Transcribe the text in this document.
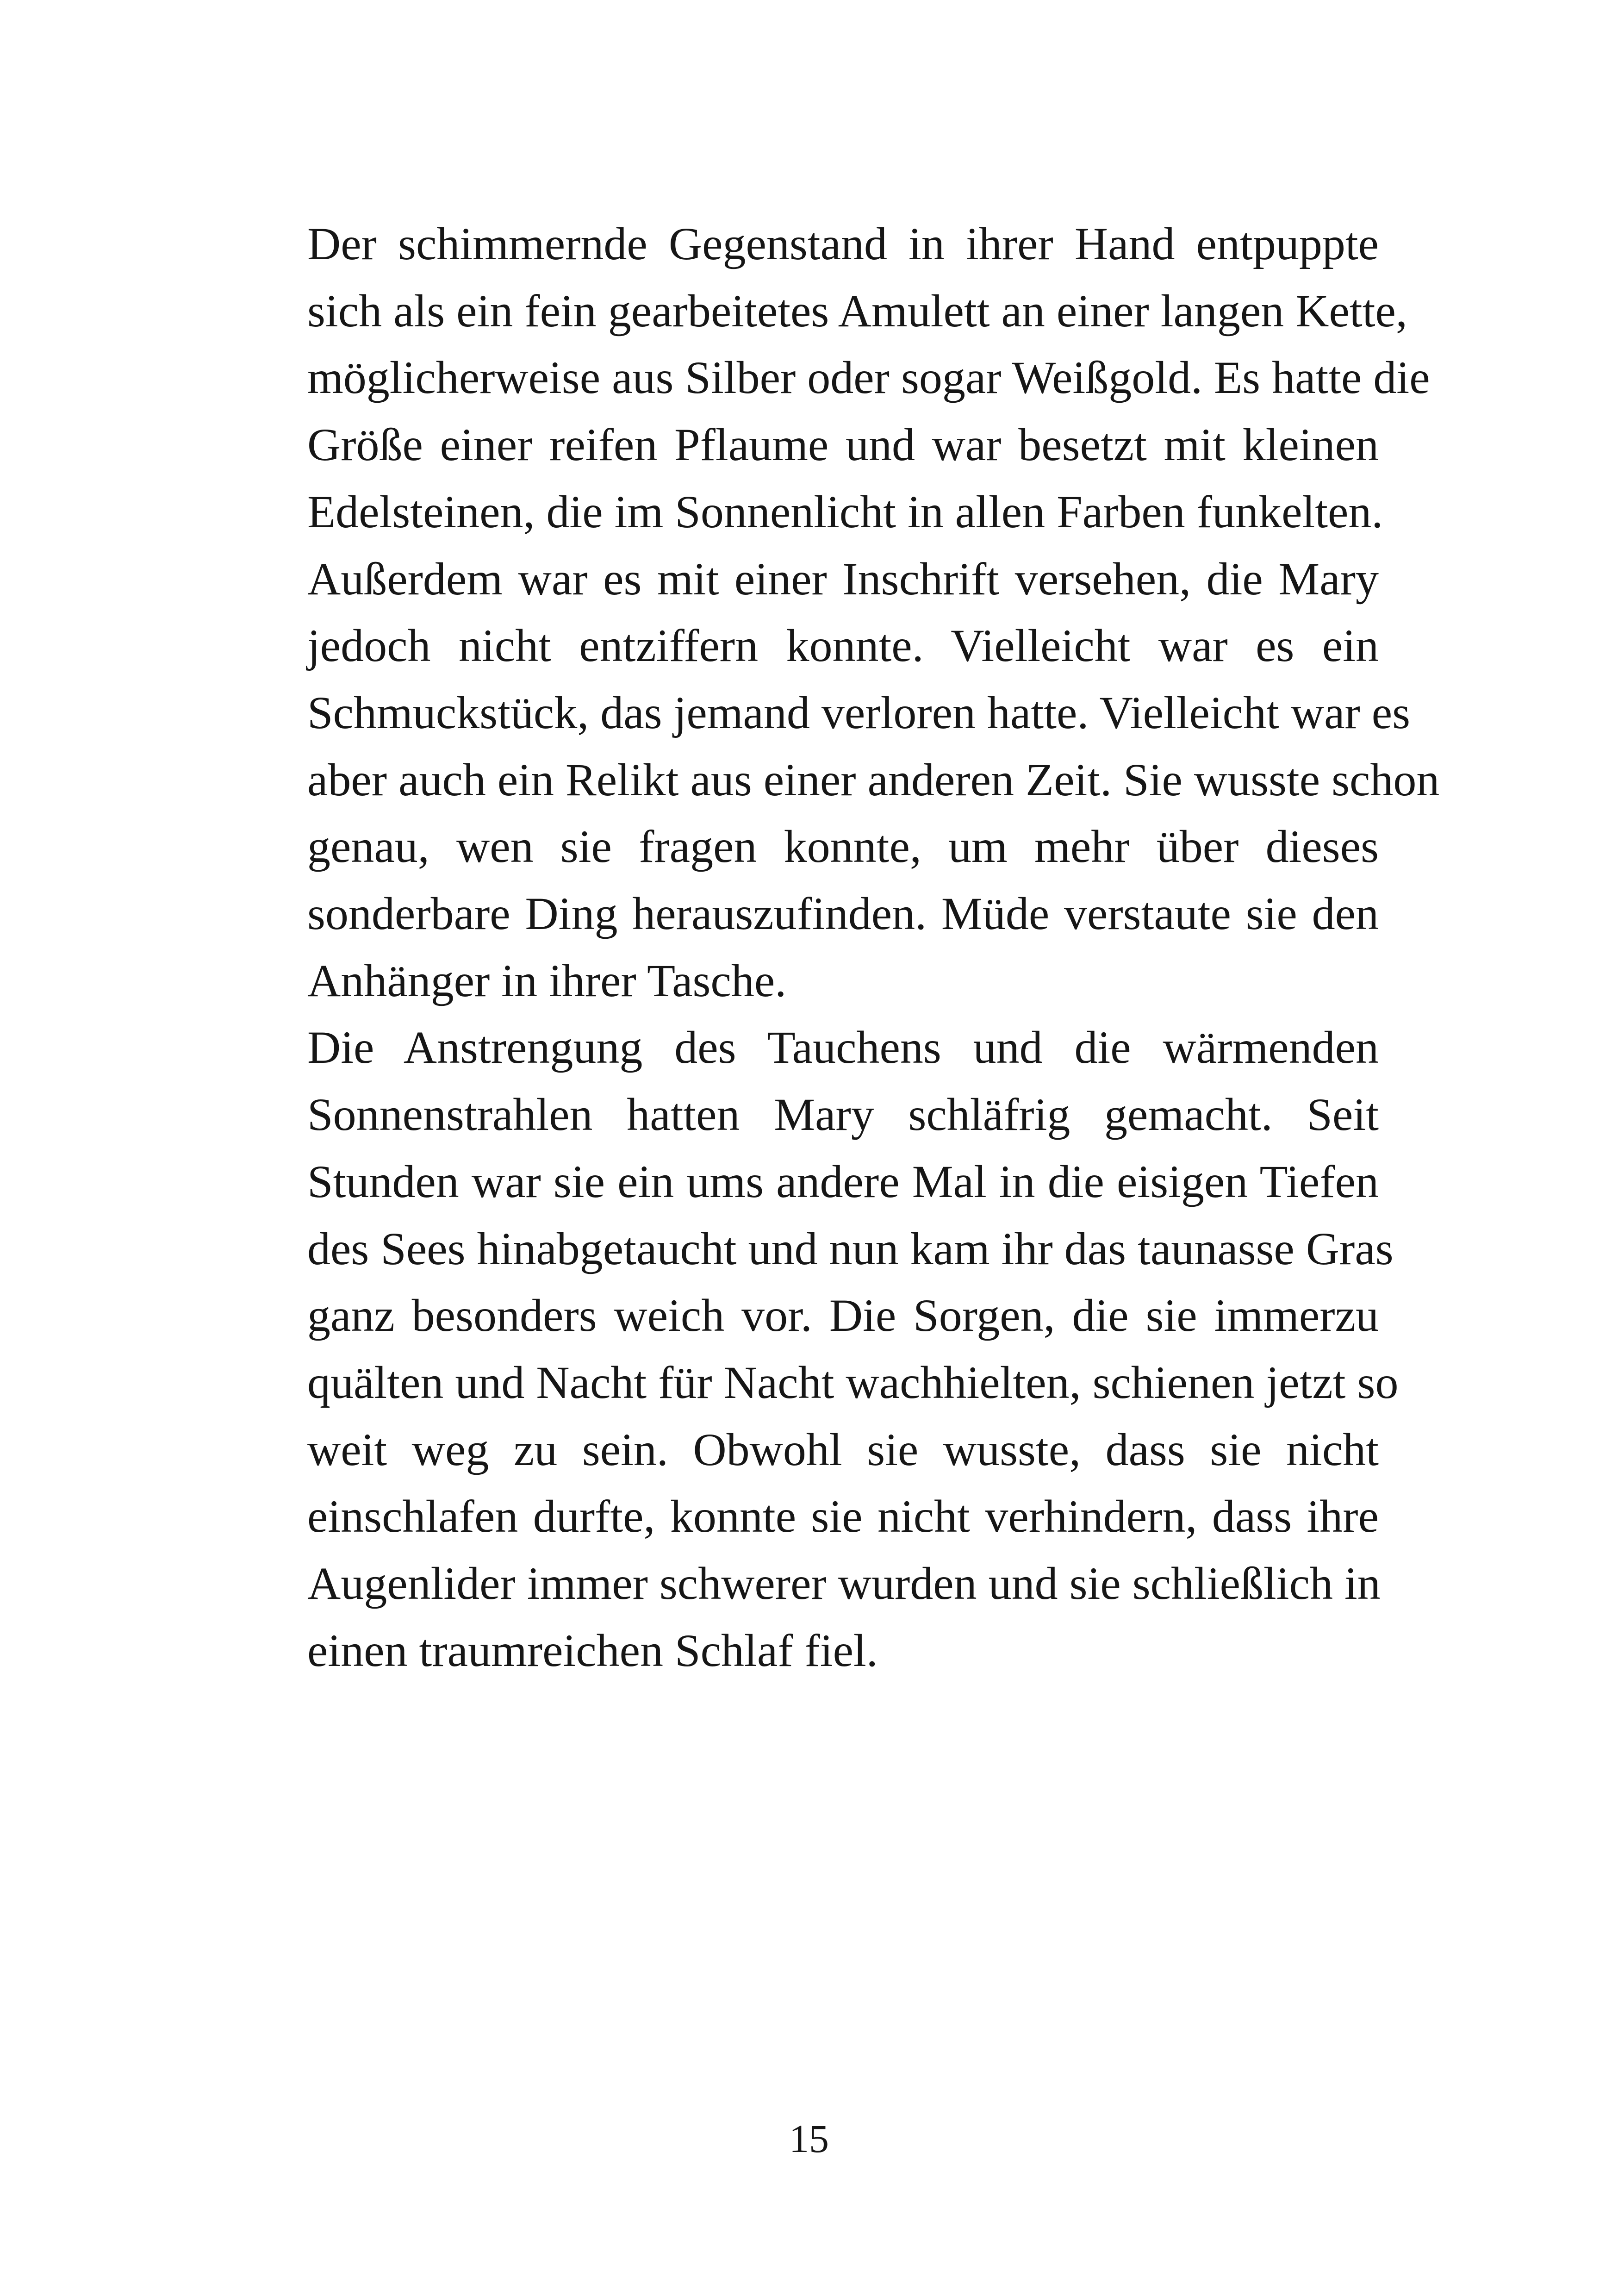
Der schimmernde Gegenstand in ihrer Hand entpuppte
sich als ein fein gearbeitetes Amulett an einer langen Kette,
möglicherweise aus Silber oder sogar Weißgold. Es hatte die
Größe einer reifen Pflaume und war besetzt mit kleinen
Edelsteinen, die im Sonnenlicht in allen Farben funkelten.
Außerdem war es mit einer Inschrift versehen, die Mary
jedoch nicht entziffern konnte. Vielleicht war es ein
Schmuckstück, das jemand verloren hatte. Vielleicht war es
aber auch ein Relikt aus einer anderen Zeit. Sie wusste schon
genau, wen sie fragen konnte, um mehr über dieses
sonderbare Ding herauszufinden. Müde verstaute sie den
Anhänger in ihrer Tasche.

Die Anstrengung des Tauchens und die wärmenden
Sonnenstrahlen hatten Mary schläfrig gemacht. Seit
Stunden war sie ein ums andere Mal in die eisigen Tiefen
des Sees hinabgetaucht und nun kam ihr das taunasse Gras
ganz besonders weich vor. Die Sorgen, die sie immerzu
quälten und Nacht für Nacht wachhielten, schienen jetzt so
weit weg zu sein. Obwohl sie wusste, dass sie nicht
einschlafen durfte, konnte sie nicht verhindern, dass ihre
Augenlider immer schwerer wurden und sie schließlich in
einen traumreichen Schlaf fiel.

15
